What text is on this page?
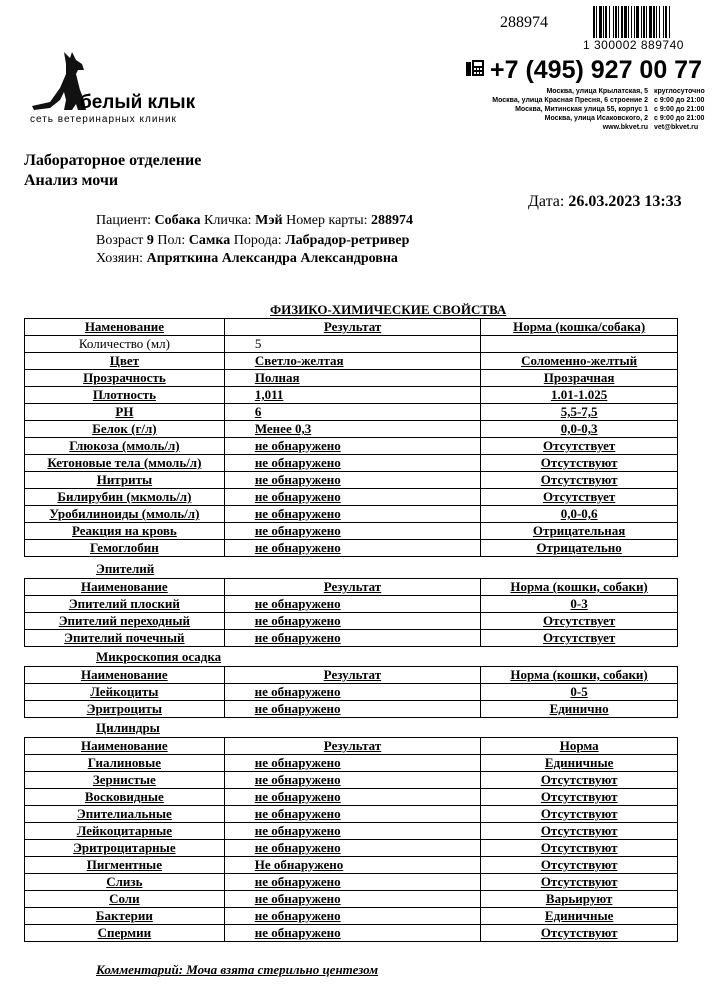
288974
1 300002 889740
+7 (495) 927 00 77
Москва, улица Крылатская, 5 круглосуточно
Москва, улица Красная Пресня, 6 строение 2 с 9:00 до 21:00
Москва, Митинская улица 55, корпус 1 с 9:00 до 21:00
Москва, улица Исаковского, 2 с 9:00 до 21:00
www.bkvet.ru vet@bkvet.ru
белый клык
сеть ветеринарных клиник
Лабораторное отделение
Анализ мочи
Дата: 26.03.2023 13:33
Пациент: Собака Кличка: Мэй Номер карты: 288974
Возраст 9 Пол: Самка Порода: Лабрадор-ретривер
Хозяин: Апряткина Александра Александровна
ФИЗИКО-ХИМИЧЕСКИЕ СВОЙСТВА
Наменование	Результат	Норма (кошка/собака)
Количество (мл)	5	
Цвет	Светло-желтая	Соломенно-желтый
Прозрачность	Полная	Прозрачная
Плотность	1,011	1.01-1.025
PH	6	5,5-7,5
Белок (г/л)	Менее 0,3	0,0-0,3
Глюкоза (ммоль/л)	не обнаружено	Отсутствует
Кетоновые тела (ммоль/л)	не обнаружено	Отсутствуют
Нитриты	не обнаружено	Отсутствуют
Билирубин (мкмоль/л)	не обнаружено	Отсутствует
Уробилиноиды (ммоль/л)	не обнаружено	0,0-0,6
Реакция на кровь	не обнаружено	Отрицательная
Гемоглобин	не обнаружено	Отрицательно
Эпителий
Наименование	Результат	Норма (кошки, собаки)
Эпителий плоский	не обнаружено	0-3
Эпителий переходный	не обнаружено	Отсутствует
Эпителий почечный	не обнаружено	Отсутствует
Микроскопия осадка
Наименование	Результат	Норма (кошки, собаки)
Лейкоциты	не обнаружено	0-5
Эритроциты	не обнаружено	Единично
Цилиндры
Наименование	Результат	Норма
Гиалиновые	не обнаружено	Единичные
Зернистые	не обнаружено	Отсутствуют
Восковидные	не обнаружено	Отсутствуют
Эпителиальные	не обнаружено	Отсутствуют
Лейкоцитарные	не обнаружено	Отсутствуют
Эритроцитарные	не обнаружено	Отсутствуют
Пигментные	Не обнаружено	Отсутствуют
Слизь	не обнаружено	Отсутствуют
Соли	не обнаружено	Варьируют
Бактерии	не обнаружено	Единичные
Спермии	не обнаружено	Отсутствуют
Комментарий: Моча взята стерильно центезом
